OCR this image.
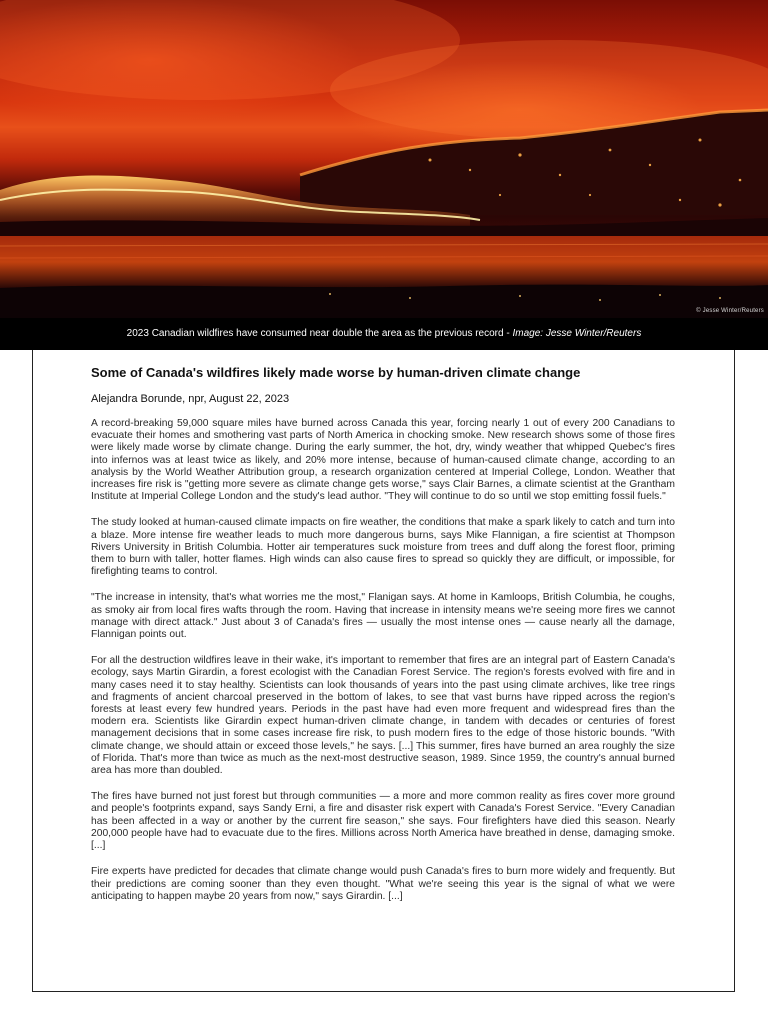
© Jesse Winter/Reuters
2023 Canadian wildfires have consumed near double the area as the previous record - Image: Jesse Winter/Reuters
Some of Canada's wildfires likely made worse by human-driven climate change

Alejandra Borunde, npr, August 22, 2023

A record-breaking 59,000 square miles have burned across Canada this year, forcing nearly 1 out of every 200 Canadians to evacuate their homes and smothering vast parts of North America in chocking smoke. New research shows some of those fires were likely made worse by climate change. During the early summer, the hot, dry, windy weather that whipped Quebec's fires into infernos was at least twice as likely, and 20% more intense, because of human-caused climate change, according to an analysis by the World Weather Attribution group, a research organization centered at Imperial College, London. Weather that increases fire risk is "getting more severe as climate change gets worse," says Clair Barnes, a climate scientist at the Grantham Institute at Imperial College London and the study's lead author. "They will continue to do so until we stop emitting fossil fuels."

The study looked at human-caused climate impacts on fire weather, the conditions that make a spark likely to catch and turn into a blaze. More intense fire weather leads to much more dangerous burns, says Mike Flannigan, a fire scientist at Thompson Rivers University in British Columbia. Hotter air temperatures suck moisture from trees and duff along the forest floor, priming them to burn with taller, hotter flames. High winds can also cause fires to spread so quickly they are difficult, or impossible, for firefighting teams to control.

"The increase in intensity, that's what worries me the most," Flanigan says. At home in Kamloops, British Columbia, he coughs, as smoky air from local fires wafts through the room. Having that increase in intensity means we're seeing more fires we cannot manage with direct attack." Just about 3 of Canada's fires — usually the most intense ones — cause nearly all the damage, Flannigan points out.

For all the destruction wildfires leave in their wake, it's important to remember that fires are an integral part of Eastern Canada's ecology, says Martin Girardin, a forest ecologist with the Canadian Forest Service. The region's forests evolved with fire and in many cases need it to stay healthy. Scientists can look thousands of years into the past using climate archives, like tree rings and fragments of ancient charcoal preserved in the bottom of lakes, to see that vast burns have ripped across the region's forests at least every few hundred years. Periods in the past have had even more frequent and widespread fires than the modern era. Scientists like Girardin expect human-driven climate change, in tandem with decades or centuries of forest management decisions that in some cases increase fire risk, to push modern fires to the edge of those historic bounds. "With climate change, we should attain or exceed those levels," he says. [...] This summer, fires have burned an area roughly the size of Florida. That's more than twice as much as the next-most destructive season, 1989. Since 1959, the country's annual burned area has more than doubled.

The fires have burned not just forest but through communities — a more and more common reality as fires cover more ground and people's footprints expand, says Sandy Erni, a fire and disaster risk expert with Canada's Forest Service. "Every Canadian has been affected in a way or another by the current fire season," she says. Four firefighters have died this season. Nearly 200,000 people have had to evacuate due to the fires. Millions across North America have breathed in dense, damaging smoke. [...]

Fire experts have predicted for decades that climate change would push Canada's fires to burn more widely and frequently. But their predictions are coming sooner than they even thought. "What we're seeing this year is the signal of what we were anticipating to happen maybe 20 years from now," says Girardin. [...]
